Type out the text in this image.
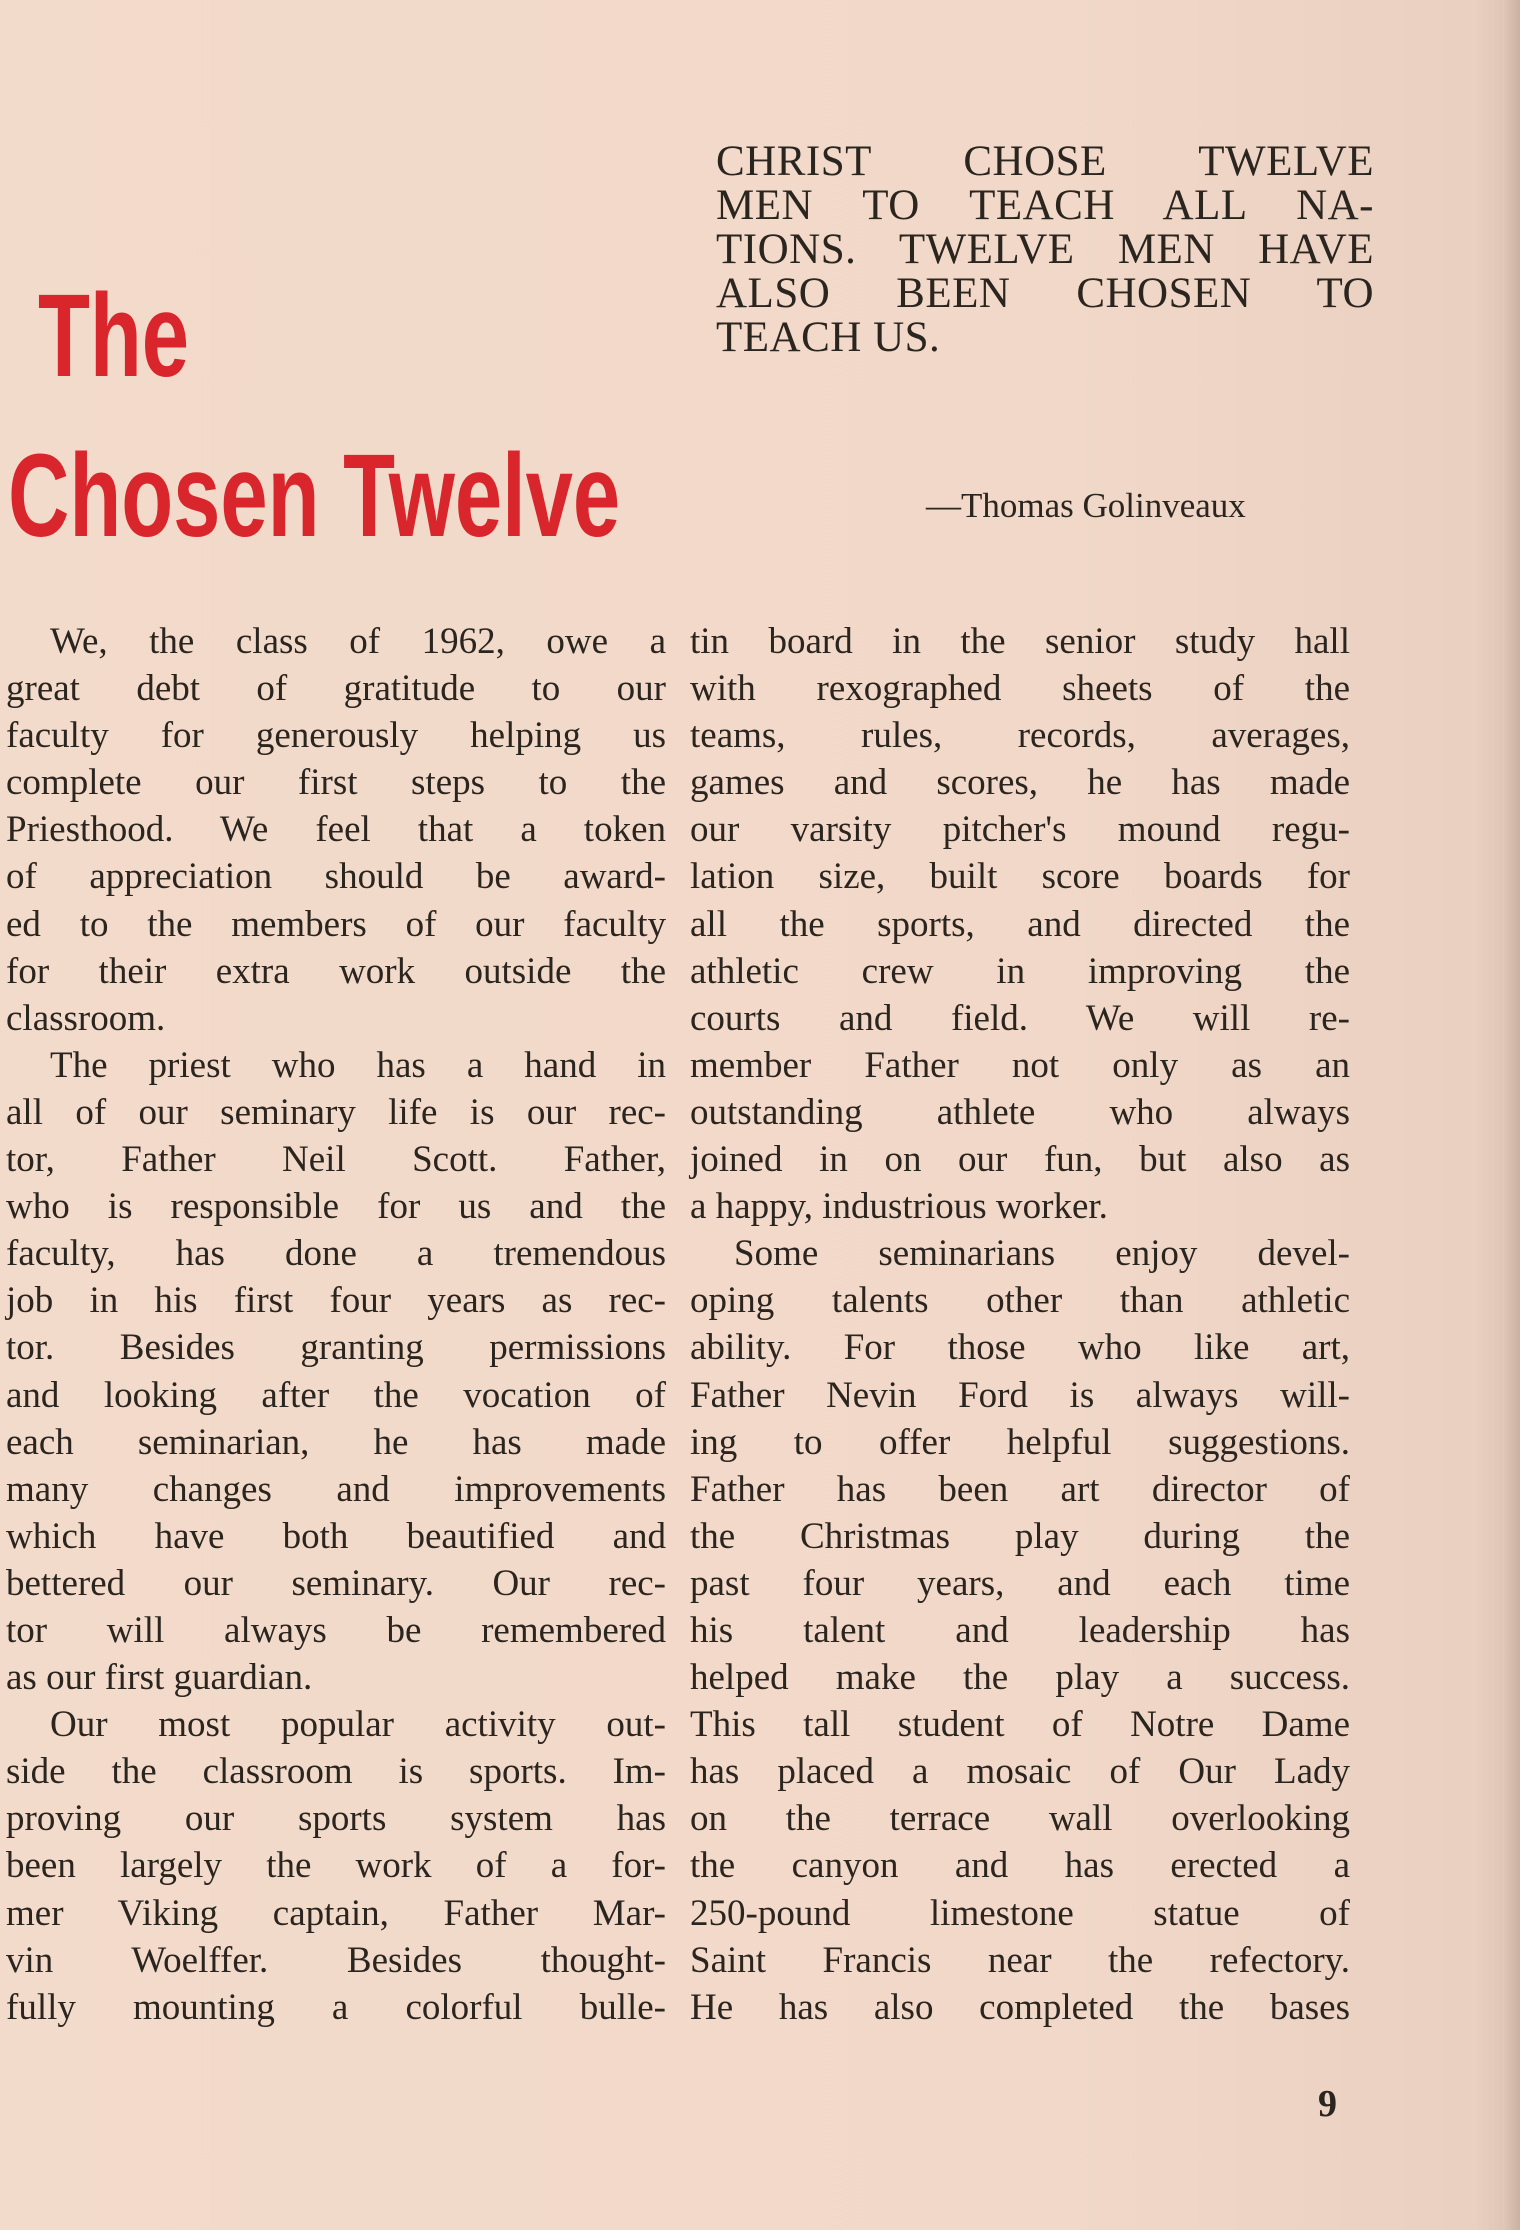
The
Chosen Twelve
CHRIST CHOSE TWELVE
MEN TO TEACH ALL NA-
TIONS. TWELVE MEN HAVE
ALSO BEEN CHOSEN TO
TEACH US.
—Thomas Golinveaux
We, the class of 1962, owe a
great debt of gratitude to our
faculty for generously helping us
complete our first steps to the
Priesthood. We feel that a token
of appreciation should be award-
ed to the members of our faculty
for their extra work outside the
classroom.
The priest who has a hand in
all of our seminary life is our rec-
tor, Father Neil Scott. Father,
who is responsible for us and the
faculty, has done a tremendous
job in his first four years as rec-
tor. Besides granting permissions
and looking after the vocation of
each seminarian, he has made
many changes and improvements
which have both beautified and
bettered our seminary. Our rec-
tor will always be remembered
as our first guardian.
Our most popular activity out-
side the classroom is sports. Im-
proving our sports system has
been largely the work of a for-
mer Viking captain, Father Mar-
vin Woelffer. Besides thought-
fully mounting a colorful bulle-
tin board in the senior study hall
with rexographed sheets of the
teams, rules, records, averages,
games and scores, he has made
our varsity pitcher's mound regu-
lation size, built score boards for
all the sports, and directed the
athletic crew in improving the
courts and field. We will re-
member Father not only as an
outstanding athlete who always
joined in on our fun, but also as
a happy, industrious worker.
Some seminarians enjoy devel-
oping talents other than athletic
ability. For those who like art,
Father Nevin Ford is always will-
ing to offer helpful suggestions.
Father has been art director of
the Christmas play during the
past four years, and each time
his talent and leadership has
helped make the play a success.
This tall student of Notre Dame
has placed a mosaic of Our Lady
on the terrace wall overlooking
the canyon and has erected a
250-pound limestone statue of
Saint Francis near the refectory.
He has also completed the bases
9
